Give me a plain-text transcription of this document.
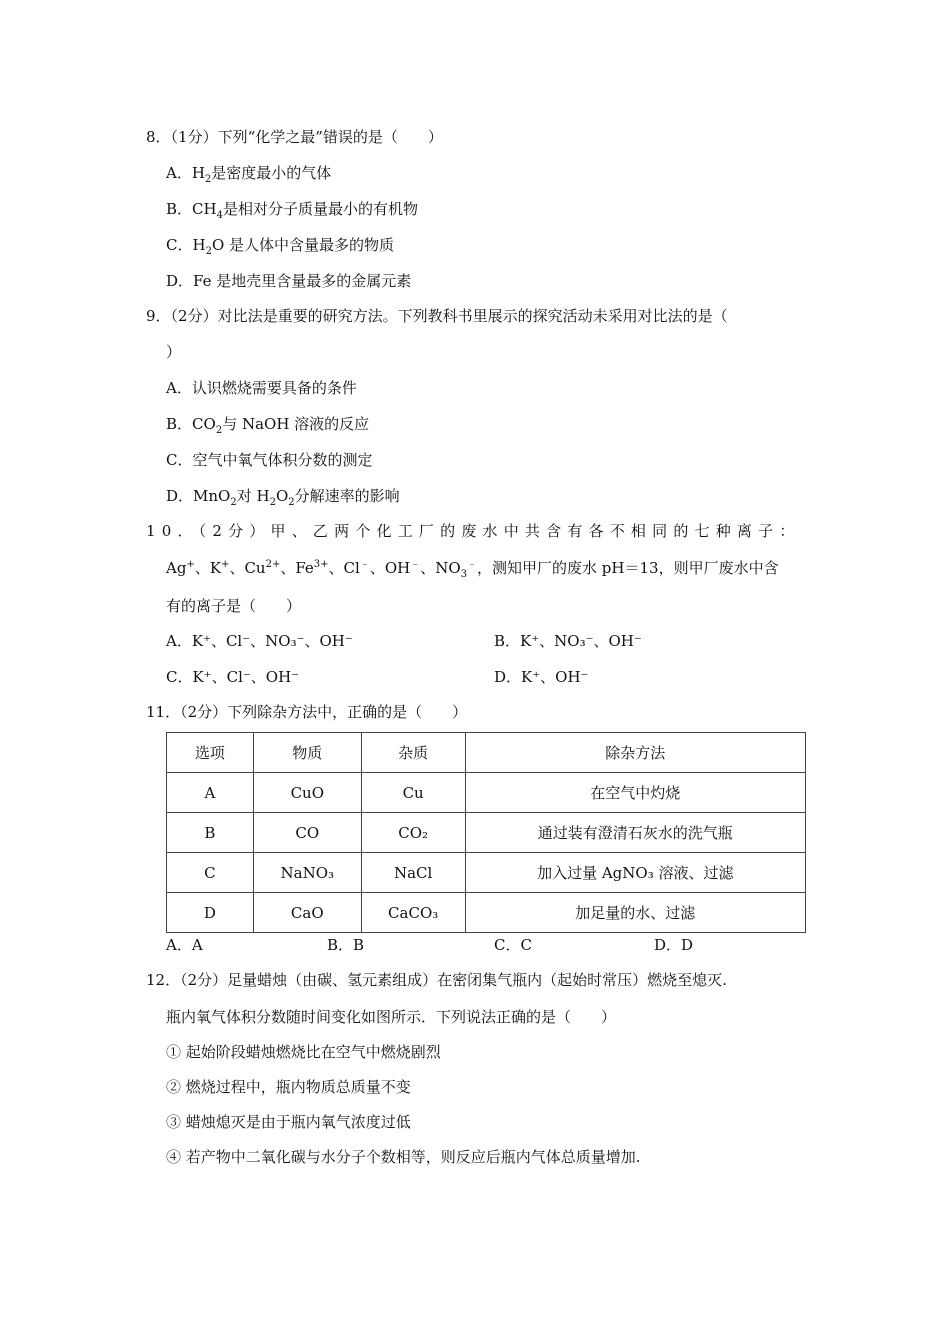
8．（1分）下列“化学之最”错误的是（　　）
A．$H_2$是密度最小的气体
B．$CH_4$是相对分子质量最小的有机物
C．$H_2O$ 是人体中含量最多的物质
D．Fe 是地壳里含量最多的金属元素
9．（2分）对比法是重要的研究方法。下列教科书里展示的探究活动未采用对比法的是（
）
A．认识燃烧需要具备的条件
B．$CO_2$与 NaOH 溶液的反应
C．空气中氧气体积分数的测定
D．MnO$_2$对 $H_2O_2$分解速率的影响
10．（2分）甲、乙两个化工厂的废水中共含有各不相同的七种离子：
Ag+、K+、$Cu^{2+}$、$Fe^{3+}$、Cl﹣、OH﹣、$NO_3^﹣$，测知甲厂的废水 pH＝13，则甲厂废水中含
有的离子是（　　）
A．K⁺、Cl⁻、NO₃⁻、OH⁻	B．K⁺、NO₃⁻、OH⁻
C．K⁺、Cl⁻、OH⁻	D．K⁺、OH⁻
11．（2分）下列除杂方法中，正确的是（　　）
选项	物质	杂质	除杂方法
A	CuO	Cu	在空气中灼烧
B	CO	CO₂	通过装有澄清石灰水的洗气瓶
C	NaNO₃	NaCl	加入过量 AgNO₃ 溶液、过滤
D	CaO	CaCO₃	加足量的水、过滤
A．A	B．B	C．C	D．D
12．（2分）足量蜡烛（由碳、氢元素组成）在密闭集气瓶内（起始时常压）燃烧至熄灭.
瓶内氧气体积分数随时间变化如图所示．下列说法正确的是（　　）
① 起始阶段蜡烛燃烧比在空气中燃烧剧烈
② 燃烧过程中，瓶内物质总质量不变
③ 蜡烛熄灭是由于瓶内氧气浓度过低
④ 若产物中二氧化碳与水分子个数相等，则反应后瓶内气体总质量增加.
